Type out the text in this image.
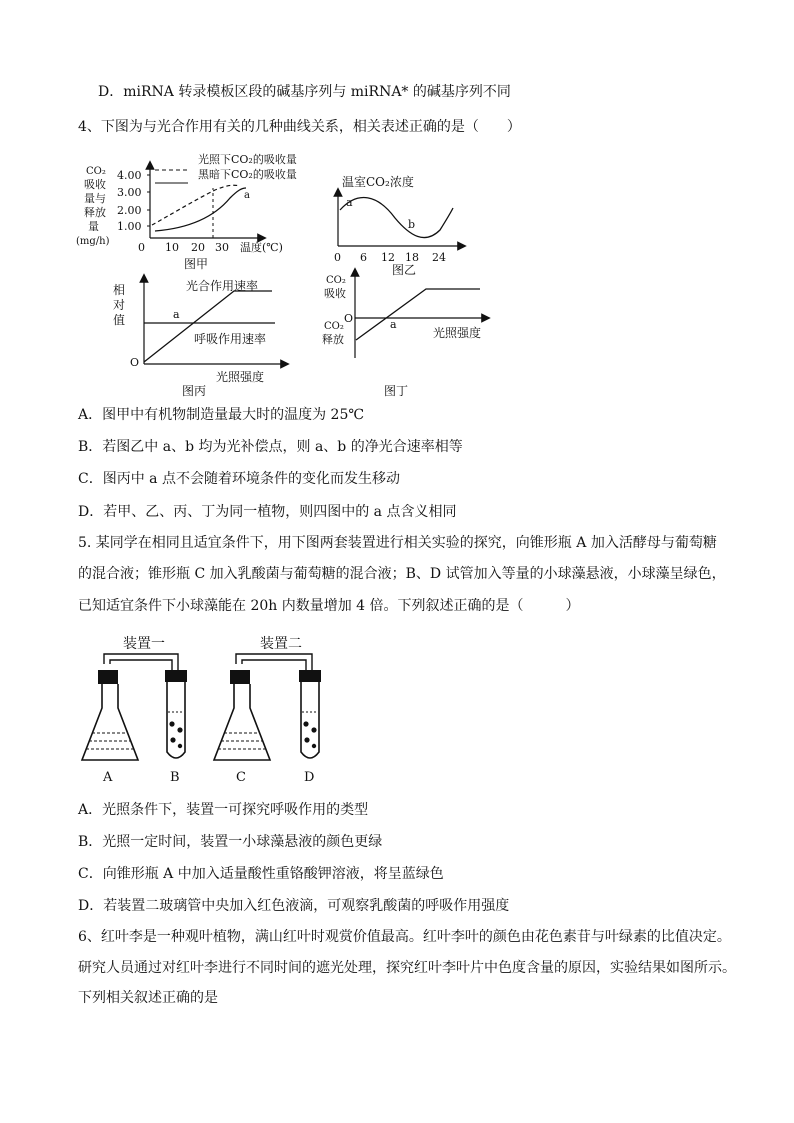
D．miRNA 转录模板区段的碱基序列与 miRNA* 的碱基序列不同
4、下图为与光合作用有关的几种曲线关系，相关表述正确的是（　　）
CO₂
吸收
量与
释放
量
(mg/h)
1.00
2.00
3.00
4.00
0 10 20 30 温度(℃)
a
光照下CO₂的吸收量
黑暗下CO₂的吸收量
图甲
温室CO₂浓度
a
b
0 6 12 18 24
图乙
相
对
值
O
光合作用速率
呼吸作用速率
a
光照强度
图丙
CO₂
吸收
CO₂
释放
O	a
光照强度
图丁
A．图甲中有机物制造量最大时的温度为 25℃
B．若图乙中 a、b 均为光补偿点，则 a、b 的净光合速率相等
C．图丙中 a 点不会随着环境条件的变化而发生移动
D．若甲、乙、丙、丁为同一植物，则四图中的 a 点含义相同
5. 某同学在相同且适宜条件下，用下图两套装置进行相关实验的探究，向锥形瓶 A 加入活酵母与葡萄糖
的混合液；锥形瓶 C 加入乳酸菌与葡萄糖的混合液；B、D 试管加入等量的小球藻悬液，小球藻呈绿色，
已知适宜条件下小球藻能在 20h 内数量增加 4 倍。下列叙述正确的是（　　　）
装置一	装置二
A	B	C	D
A．光照条件下，装置一可探究呼吸作用的类型
B．光照一定时间，装置一小球藻悬液的颜色更绿
C．向锥形瓶 A 中加入适量酸性重铬酸钾溶液，将呈蓝绿色
D．若装置二玻璃管中央加入红色液滴，可观察乳酸菌的呼吸作用强度
6、红叶李是一种观叶植物，满山红叶时观赏价值最高。红叶李叶的颜色由花色素苷与叶绿素的比值决定。
研究人员通过对红叶李进行不同时间的遮光处理，探究红叶李叶片中色度含量的原因，实验结果如图所示。
下列相关叙述正确的是
